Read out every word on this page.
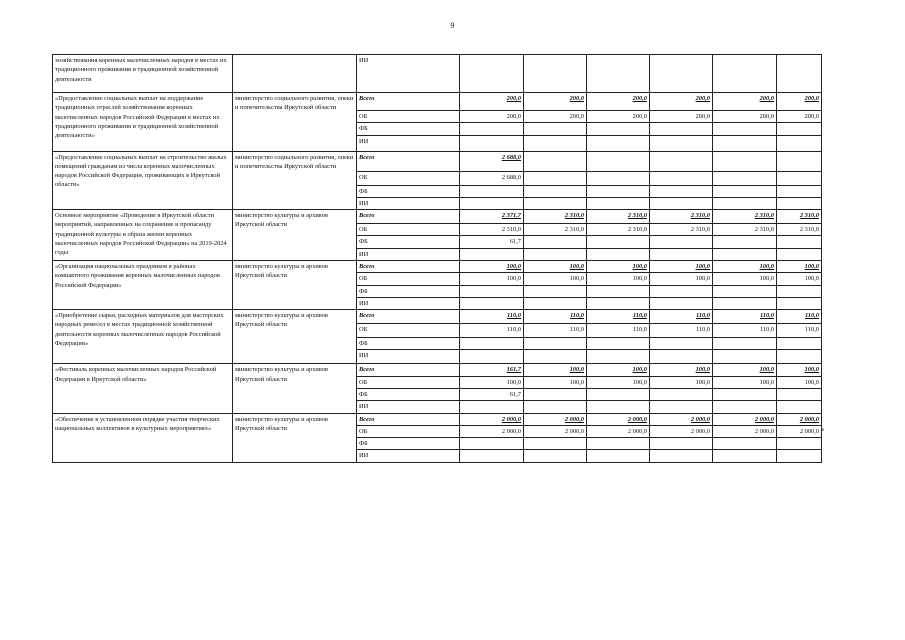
9
хозяйствования коренных малочисленных народов в местах их традиционного проживания и традиционной хозяйственной деятельности		ИИ						
«Предоставление социальных выплат на поддержание традиционных отраслей хозяйствования коренных малочисленных народов Российской Федерации в местах их традиционного проживания и традиционной хозяйственной деятельности»	министерство социального развития, опеки и попечительства Иркутской области	Всего	200,0	200,0	200,0	200,0	200,0	200,0
		ОБ	200,0	200,0	200,0	200,0	200,0	200,0
		ФБ						
		ИИ						
«Предоставление социальных выплат на строительство жилых помещений гражданам из числа коренных малочисленных народов Российской Федерации, проживающих в Иркутской области»	министерство социального развития, опеки и попечительства Иркутской области	Всего	2 688,0					
		ОБ	2 688,0					
		ФБ						
		ИИ						
Основное мероприятие «Проведение в Иркутской области мероприятий, направленных на сохранение и пропаганду традиционной культуры и образа жизни коренных малочисленных народов Российской Федерации» на 2019-2024 годы	министерство культуры и архивов Иркутской области	Всего	2 371,7	2 310,0	2 310,0	2 310,0	2 310,0	2 310,0
		ОБ	2 310,0	2 310,0	2 310,0	2 310,0	2 310,0	2 310,0
		ФБ	61,7					
		ИИ						
«Организация национальных праздников в районах компактного проживания коренных малочисленных народов Российской Федерации»	министерство культуры и архивов Иркутской области	Всего	100,0	100,0	100,0	100,0	100,0	100,0
		ОБ	100,0	100,0	100,0	100,0	100,0	100,0
		ФБ						
		ИИ						
«Приобретение сырья, расходных материалов для мастерских народных ремесел в местах традиционной хозяйственной деятельности коренных малочисленных народов Российской Федерации»	министерство культуры и архивов Иркутской области	Всего	110,0	110,0	110,0	110,0	110,0	110,0
		ОБ	110,0	110,0	110,0	110,0	110,0	110,0
		ФБ						
		ИИ						
«Фестиваль коренных малочисленных народов Российской Федерации в Иркутской области»	министерство культуры и архивов Иркутской области	Всего	161,7	100,0	100,0	100,0	100,0	100,0
		ОБ	100,0	100,0	100,0	100,0	100,0	100,0
		ФБ	61,7					
		ИИ						
«Обеспечение в установленном порядке участия творческих национальных коллективов в культурных мероприятиях»	министерство культуры и архивов Иркутской области	Всего	2 000,0	2 000,0	2 000,0	2 000,0	2 000,0	2 000,0
		ОБ	2 000,0	2 000,0	2 000,0	2 000,0	2 000,0	2 000,0
		ФБ						
		ИИ						
к
